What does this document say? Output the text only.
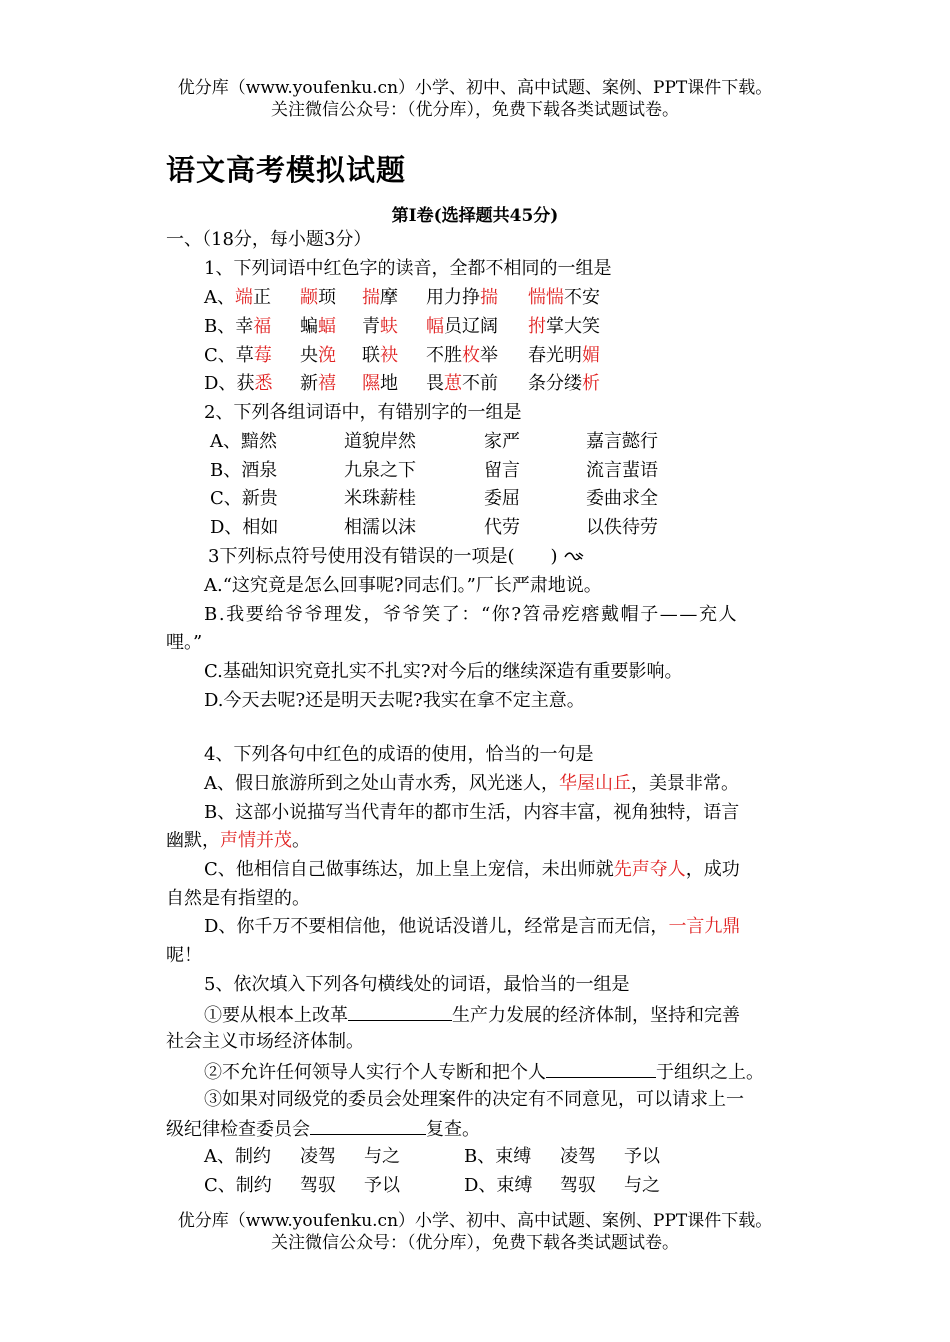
优分库（www.youfenku.cn）小学、初中、高中试题、案例、PPT课件下载。
关注微信公众号：（优分库），免费下载各类试题试卷。
语文高考模拟试题
第Ⅰ卷(选择题共45分)
一、（18分，每小题3分）
1、下列词语中红色字的读音，全都不相同的一组是
A、端正 颛顼 揣摩 用力挣揣 惴惴不安
B、幸福 蝙蝠 青蚨 幅员辽阔 拊掌大笑
C、草莓 央浼 联袂 不胜枚举 春光明媚
D、获悉 新禧 隰地 畏葸不前 条分缕析
2、下列各组词语中，有错别字的一组是
A、黯然	道貌岸然	家严	嘉言懿行
B、酒泉	九泉之下	留言	流言蜚语
C、新贵	米珠薪桂	委屈	委曲求全
D、相如	相濡以沫	代劳	以佚待劳
3下列标点符号使用没有错误的一项是(　　)
A.“这究竟是怎么回事呢?同志们。”厂长严肃地说。
B.我要给爷爷理发，爷爷笑了：“你?笤帚疙瘩戴帽子——充人
哩。”
C.基础知识究竟扎实不扎实?对今后的继续深造有重要影响。
D.今天去呢?还是明天去呢?我实在拿不定主意。
4、下列各句中红色的成语的使用，恰当的一句是
A、假日旅游所到之处山青水秀，风光迷人，华屋山丘，美景非常。
B、这部小说描写当代青年的都市生活，内容丰富，视角独特，语言
幽默，声情并茂。
C、他相信自己做事练达，加上皇上宠信，未出师就先声夺人，成功
自然是有指望的。
D、你千万不要相信他，他说话没谱儿，经常是言而无信，一言九鼎
呢！
5、依次填入下列各句横线处的词语，最恰当的一组是
①要从根本上改革	生产力发展的经济体制，坚持和完善
社会主义市场经济体制。
②不允许任何领导人实行个人专断和把个人	于组织之上。
③如果对同级党的委员会处理案件的决定有不同意见，可以请求上一
级纪律检查委员会	复查。
A、制约 凌驾 与之	B、束缚 凌驾 予以
C、制约 驾驭 予以	D、束缚 驾驭 与之
优分库（www.youfenku.cn）小学、初中、高中试题、案例、PPT课件下载。
关注微信公众号：（优分库），免费下载各类试题试卷。
